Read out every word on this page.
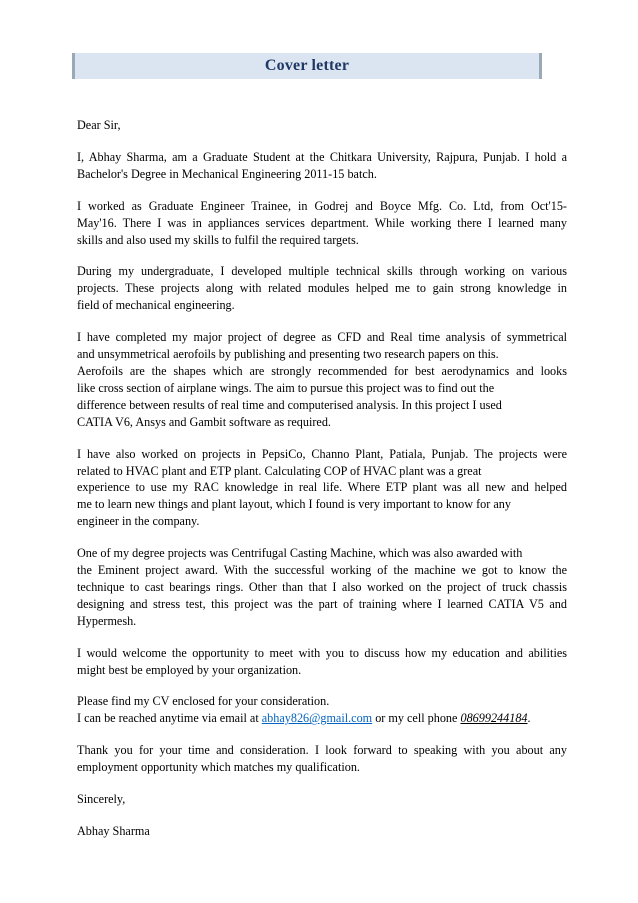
Cover letter
Dear Sir,
I, Abhay Sharma, am a Graduate Student at the Chitkara University, Rajpura, Punjab. I hold a
Bachelor's Degree in Mechanical Engineering 2011-15 batch.
I worked as Graduate Engineer Trainee, in Godrej and Boyce Mfg. Co. Ltd, from Oct'15-
May'16. There I was in appliances services department. While working there I learned many
skills and also used my skills to fulfil the required targets.
During my undergraduate, I developed multiple technical skills through working on various
projects. These projects along with related modules helped me to gain strong knowledge in
field of mechanical engineering.
I have completed my major project of degree as CFD and Real time analysis of symmetrical
and unsymmetrical aerofoils by publishing and presenting two research papers on this.
Aerofoils are the shapes which are strongly recommended for best aerodynamics and looks
like cross section of airplane wings. The aim to pursue this project was to find out the
difference between results of real time and computerised analysis. In this project I used
CATIA V6, Ansys and Gambit software as required.
I have also worked on projects in PepsiCo, Channo Plant, Patiala, Punjab. The projects were
related to HVAC plant and ETP plant. Calculating COP of HVAC plant was a great
experience to use my RAC knowledge in real life. Where ETP plant was all new and helped
me to learn new things and plant layout, which I found is very important to know for any
engineer in the company.
One of my degree projects was Centrifugal Casting Machine, which was also awarded with
the Eminent project award. With the successful working of the machine we got to know the
technique to cast bearings rings. Other than that I also worked on the project of truck chassis
designing and stress test, this project was the part of training where I learned CATIA V5 and
Hypermesh.
I would welcome the opportunity to meet with you to discuss how my education and abilities
might best be employed by your organization.
Please find my CV enclosed for your consideration.
I can be reached anytime via email at abhay826@gmail.com or my cell phone 08699244184.
Thank you for your time and consideration. I look forward to speaking with you about any
employment opportunity which matches my qualification.
Sincerely,
Abhay Sharma
